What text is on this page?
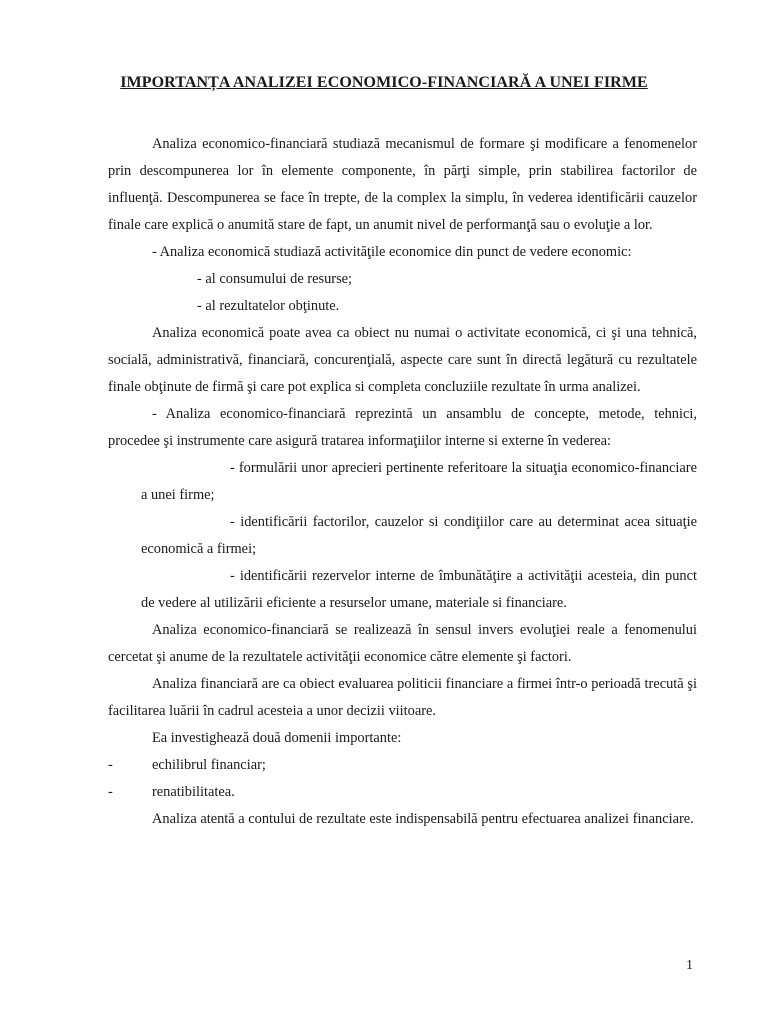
IMPORTANȚA ANALIZEI ECONOMICO-FINANCIARĂ A UNEI FIRME

Analiza economico-financiară studiază mecanismul de formare şi modificare a fenomenelor prin descompunerea lor în elemente componente, în părţi simple, prin stabilirea factorilor de influenţă. Descompunerea se face în trepte, de la complex la simplu, în vederea identificării cauzelor finale care explică o anumită stare de fapt, un anumit nivel de performanţă sau o evoluţie a lor.

- Analiza economică studiază activităţile economice din punct de vedere economic:

- al consumului de resurse;

- al rezultatelor obţinute.

Analiza economică poate avea ca obiect nu numai o activitate economică, ci şi una tehnică, socială, administrativă, financiară, concurenţială, aspecte care sunt în directă legătură cu rezultatele finale obţinute de firmă şi care pot explica si completa concluziile rezultate în urma analizei.

- Analiza economico-financiară reprezintă un ansamblu de concepte, metode, tehnici, procedee şi instrumente care asigură tratarea informaţiilor interne si externe în vederea:

- formulării unor aprecieri pertinente referitoare la situaţia economico-financiare a unei firme;

- identificării factorilor, cauzelor si condiţiilor care au determinat acea situaţie economică a firmei;

- identificării rezervelor interne de îmbunătăţire a activităţii acesteia, din punct de vedere al utilizării eficiente a resurselor umane, materiale si financiare.

Analiza economico-financiară se realizează în sensul invers evoluţiei reale a fenomenului cercetat şi anume de la rezultatele activităţii economice către elemente şi factori.

Analiza financiară are ca obiect evaluarea politicii financiare a firmei într-o perioadă trecută şi facilitarea luării în cadrul acesteia a unor decizii viitoare.

Ea investighează două domenii importante:

-	echilibrul financiar;

-	renatibilitatea.

Analiza atentă a contului de rezultate este indispensabilă pentru efectuarea analizei financiare.

1
